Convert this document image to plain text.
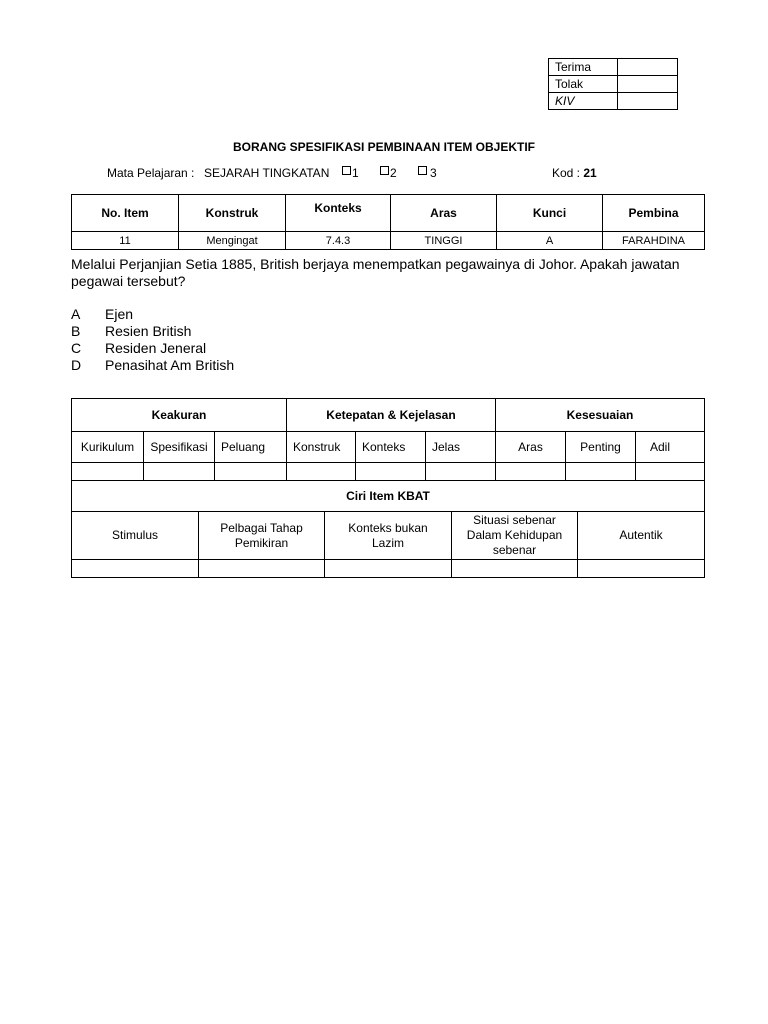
Terima	
Tolak	
KIV	
BORANG SPESIFIKASI PEMBINAAN ITEM OBJEKTIF
Mata Pelajaran : SEJARAH TINGKATAN 1	2	3	Kod : 21
No. Item	Konstruk	Konteks	Aras	Kunci	Pembina
11	Mengingat	7.4.3	TINGGI	A	FARAHDINA
Melalui Perjanjian Setia 1885, British berjaya menempatkan pegawainya di Johor. Apakah jawatan pegawai tersebut?
A	Ejen
B	Resien British
C	Residen Jeneral
D	Penasihat Am British
Keakuran			Ketepatan & Kejelasan			Kesesuaian		
Kurikulum	Spesifikasi	Peluang	Konstruk	Konteks	Jelas	Aras	Penting	Adil

Ciri Item KBAT				
Stimulus	Pelbagai Tahap Pemikiran	Konteks bukan Lazim	Situasi sebenar Dalam Kehidupan sebenar	Autentik
